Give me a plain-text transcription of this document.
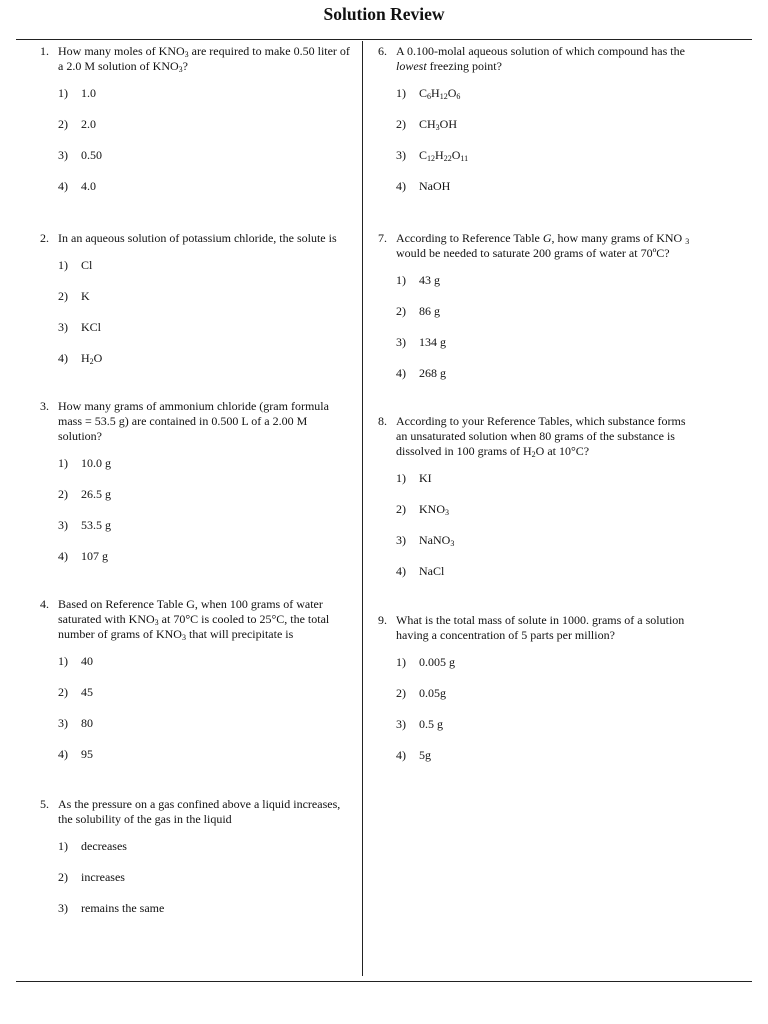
Solution Review
1. How many moles of $KNO_3$ are required to make 0.50 liter of a 2.0 M solution of $KNO_3$?
1) 1.0
2) 2.0
3) 0.50
4) 4.0
2. In an aqueous solution of potassium chloride, the solute is
1) Cl
2) K
3) KCl
4) $H_2O$
3. How many grams of ammonium chloride (gram formula mass = 53.5 g) are contained in 0.500 L of a 2.00 M solution?
1) 10.0 g
2) 26.5 g
3) 53.5 g
4) 107 g
4. Based on Reference Table G, when 100 grams of water saturated with $KNO_3$ at 70°C is cooled to 25°C, the total number of grams of $KNO_3$ that will precipitate is
1) 40
2) 45
3) 80
4) 95
5. As the pressure on a gas confined above a liquid increases, the solubility of the gas in the liquid
1) decreases
2) increases
3) remains the same
6. A 0.100-molal aqueous solution of which compound has the lowest freezing point?
1) $C_6H_{12}O_6$
2) $CH_3OH$
3) $C_{12}H_{22}O_{11}$
4) NaOH
7. According to Reference Table G, how many grams of KNO $_3$ would be needed to saturate 200 grams of water at 70ºC?
1) 43 g
2) 86 g
3) 134 g
4) 268 g
8. According to your Reference Tables, which substance forms an unsaturated solution when 80 grams of the substance is dissolved in 100 grams of $H_2O$ at 10°C?
1) KI
2) $KNO_3$
3) NaNO$_3$
4) NaCl
9. What is the total mass of solute in 1000. grams of a solution having a concentration of 5 parts per million?
1) 0.005 g
2) 0.05g
3) 0.5 g
4) 5g
